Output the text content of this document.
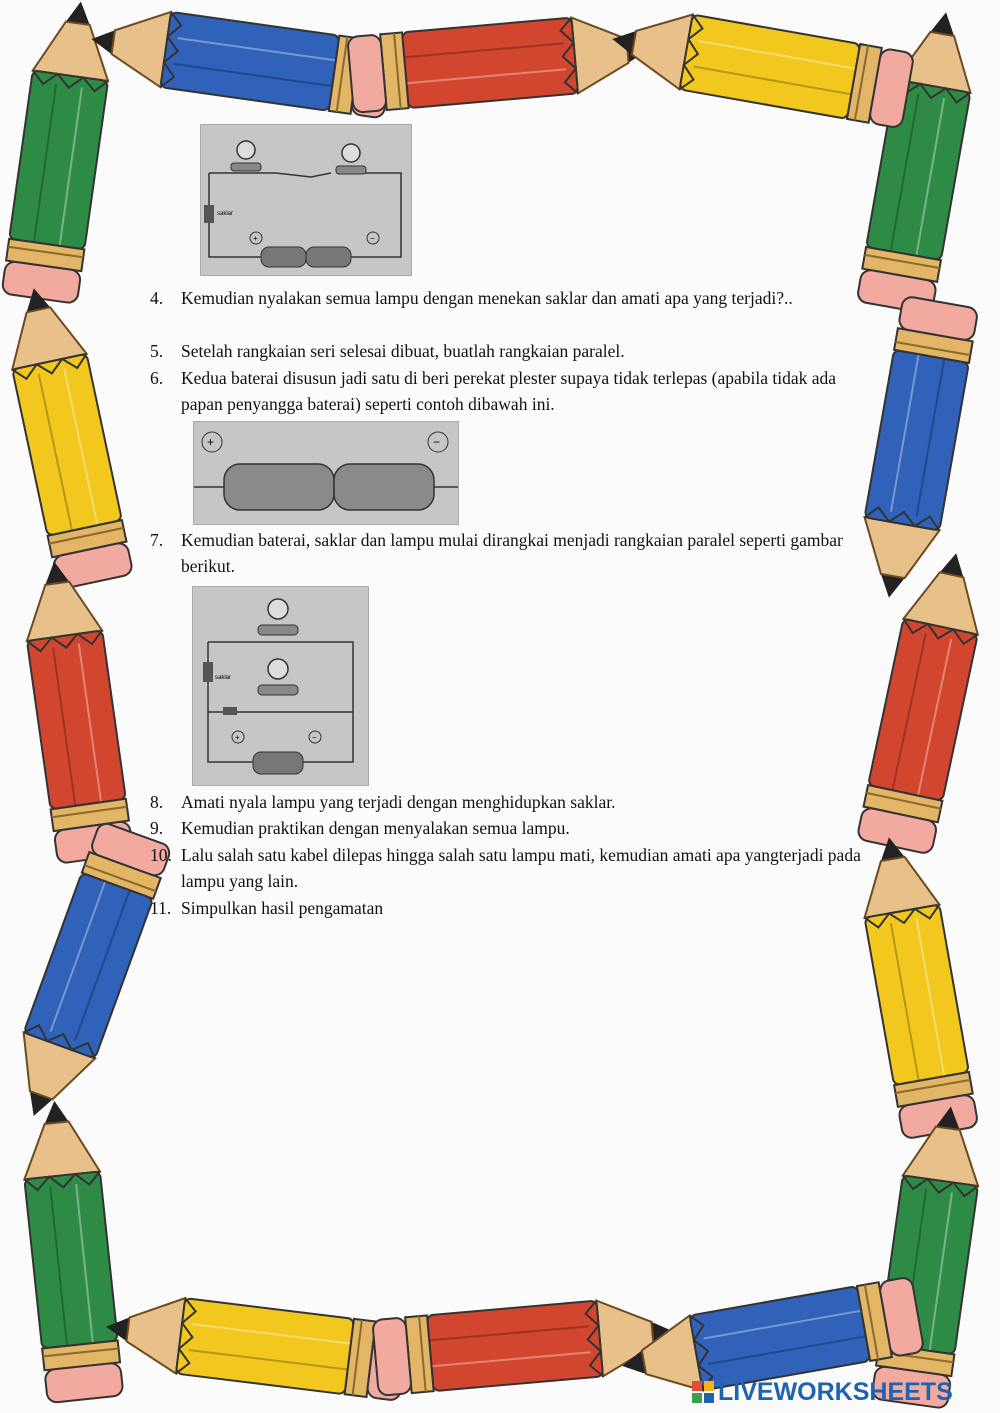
saklar
+	−
4.	Kemudian nyalakan semua lampu dengan menekan saklar dan amati apa yang terjadi?..
5.	Setelah rangkaian seri selesai dibuat, buatlah rangkaian paralel.
6.	Kedua baterai disusun jadi satu di beri perekat plester supaya tidak terlepas (apabila tidak ada papan penyangga baterai) seperti contoh dibawah ini.
+	−
7.	Kemudian baterai, saklar dan lampu mulai dirangkai menjadi rangkaian paralel seperti gambar berikut.
saklar
+	−
8.	Amati nyala lampu yang terjadi dengan menghidupkan saklar.
9.	Kemudian praktikan dengan menyalakan semua lampu.
10. Lalu salah satu kabel dilepas hingga salah satu lampu mati, kemudian amati apa yangterjadi pada lampu yang lain.
11. Simpulkan hasil pengamatan
LIVEWORKSHEETS
